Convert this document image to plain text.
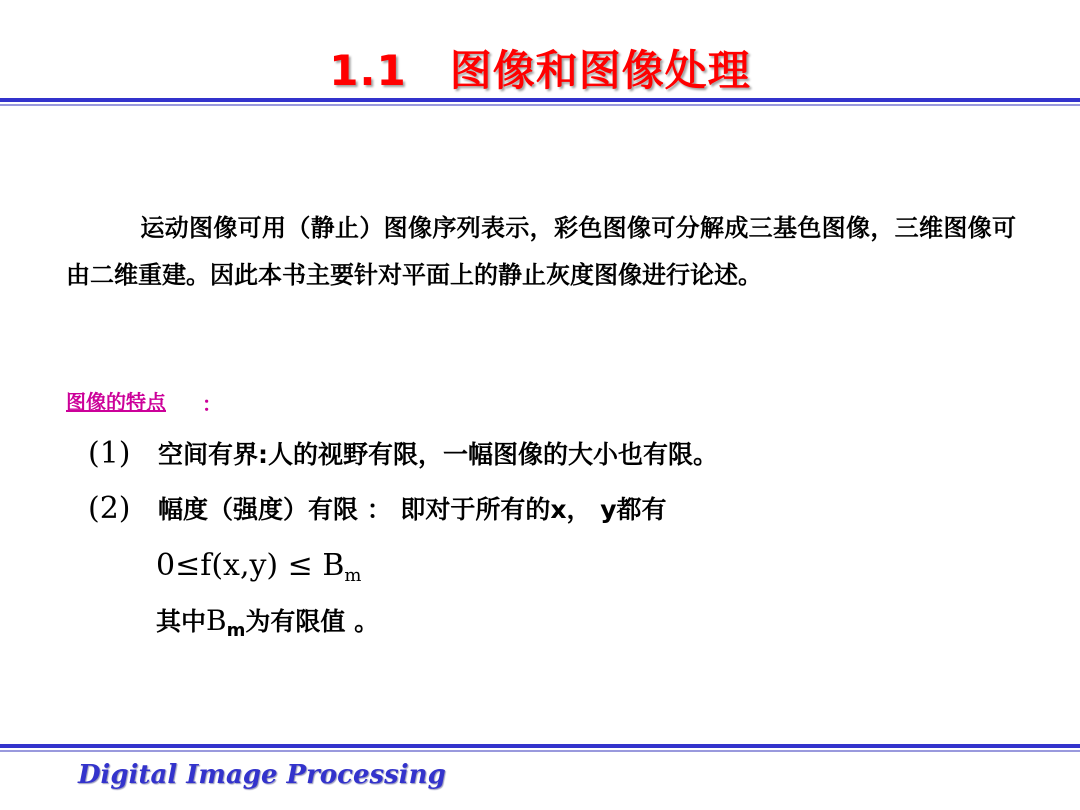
1.1　图像和图像处理
运动图像可用（静止）图像序列表示，彩色图像可分解成三基色图像，三维图像可由二维重建。因此本书主要针对平面上的静止灰度图像进行论述。
图像的特点 ：
(1) 空间有界:人的视野有限，一幅图像的大小也有限。
(2) 幅度（强度）有限 ： 即对于所有的x， y都有
$0\le f(x,y) \le B_m$
其中$B_m$为有限值 。
Digital Image Processing
